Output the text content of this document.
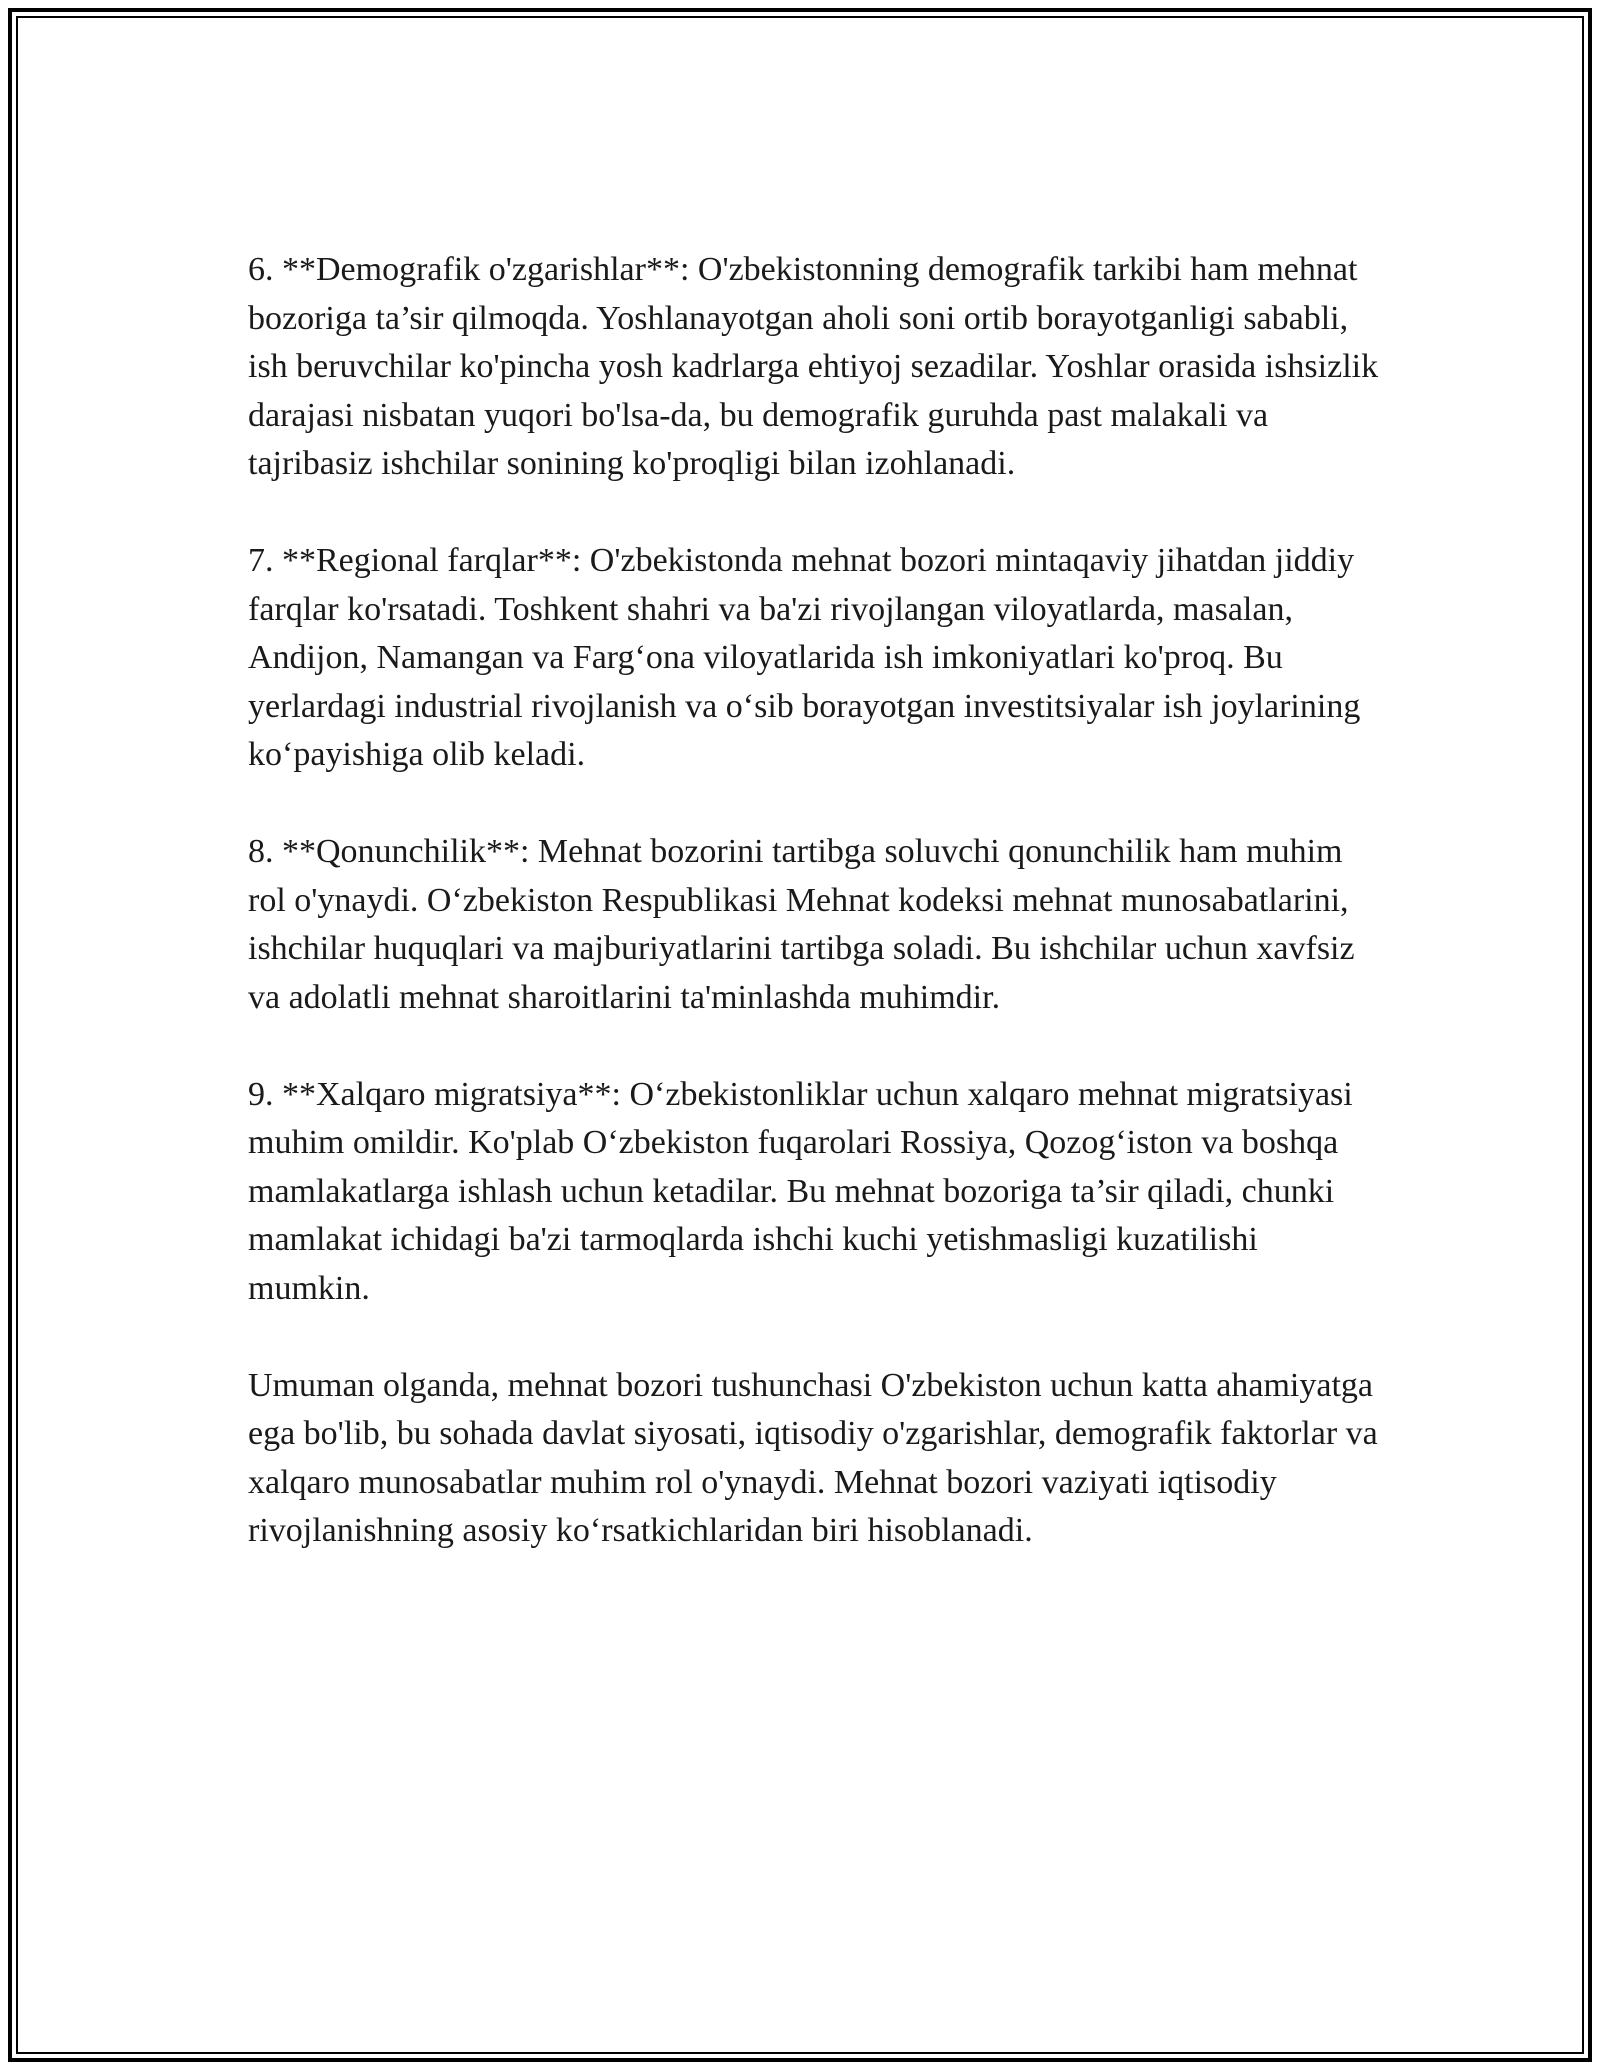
6. **Demografik o'zgarishlar**: O'zbekistonning demografik tarkibi ham mehnat bozoriga ta’sir qilmoqda. Yoshlanayotgan aholi soni ortib borayotganligi sababli, ish beruvchilar ko'pincha yosh kadrlarga ehtiyoj sezadilar. Yoshlar orasida ishsizlik darajasi nisbatan yuqori bo'lsa-da, bu demografik guruhda past malakali va tajribasiz ishchilar sonining ko'proqligi bilan izohlanadi.

7. **Regional farqlar**: O'zbekistonda mehnat bozori mintaqaviy jihatdan jiddiy farqlar ko'rsatadi. Toshkent shahri va ba'zi rivojlangan viloyatlarda, masalan, Andijon, Namangan va Farg‘ona viloyatlarida ish imkoniyatlari ko'proq. Bu yerlardagi industrial rivojlanish va o‘sib borayotgan investitsiyalar ish joylarining ko‘payishiga olib keladi.

8. **Qonunchilik**: Mehnat bozorini tartibga soluvchi qonunchilik ham muhim rol o'ynaydi. O‘zbekiston Respublikasi Mehnat kodeksi mehnat munosabatlarini, ishchilar huquqlari va majburiyatlarini tartibga soladi. Bu ishchilar uchun xavfsiz va adolatli mehnat sharoitlarini ta'minlashda muhimdir.

9. **Xalqaro migratsiya**: O‘zbekistonliklar uchun xalqaro mehnat migratsiyasi muhim omildir. Ko'plab O‘zbekiston fuqarolari Rossiya, Qozog‘iston va boshqa mamlakatlarga ishlash uchun ketadilar. Bu mehnat bozoriga ta’sir qiladi, chunki mamlakat ichidagi ba'zi tarmoqlarda ishchi kuchi yetishmasligi kuzatilishi mumkin.

Umuman olganda, mehnat bozori tushunchasi O'zbekiston uchun katta ahamiyatga ega bo'lib, bu sohada davlat siyosati, iqtisodiy o'zgarishlar, demografik faktorlar va xalqaro munosabatlar muhim rol o'ynaydi. Mehnat bozori vaziyati iqtisodiy rivojlanishning asosiy ko‘rsatkichlaridan biri hisoblanadi.
